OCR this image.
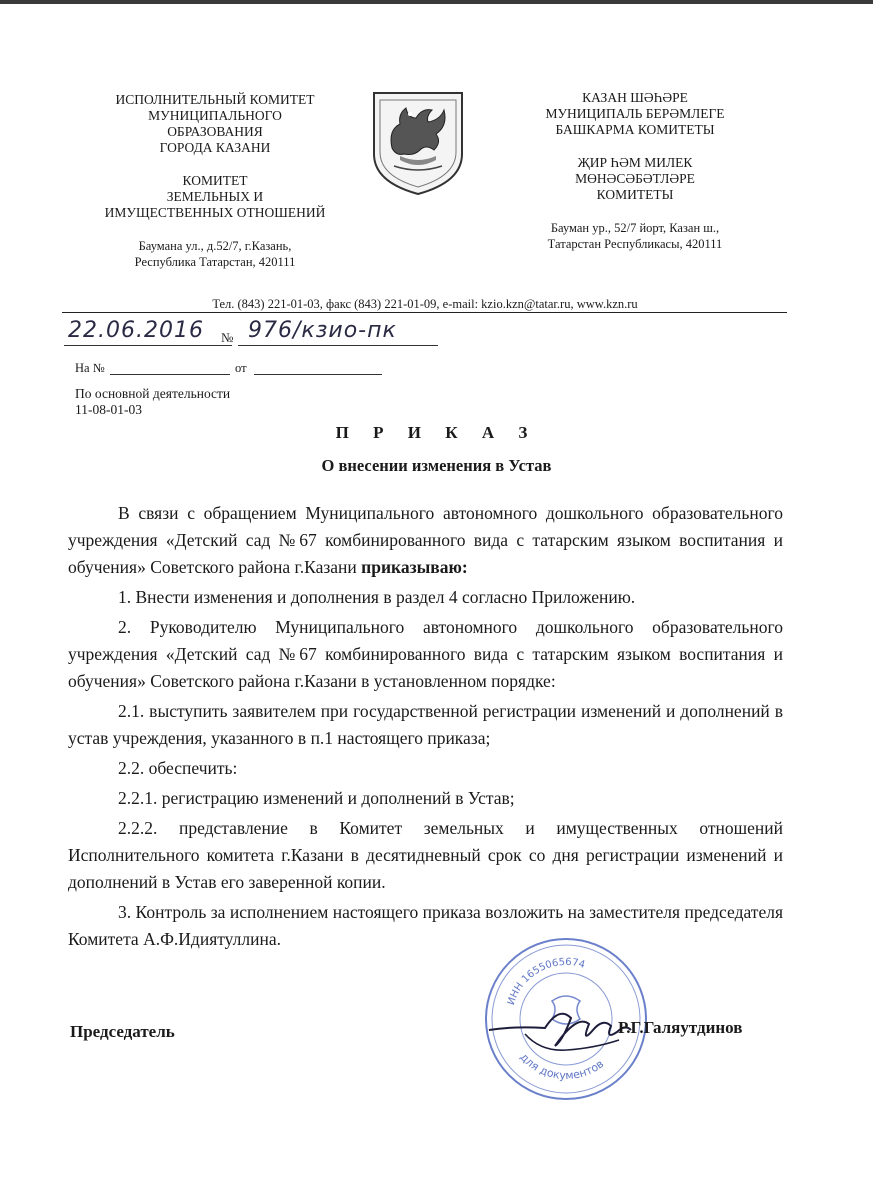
ИСПОЛНИТЕЛЬНЫЙ КОМИТЕТ
МУНИЦИПАЛЬНОГО
ОБРАЗОВАНИЯ
ГОРОДА КАЗАНИ
КОМИТЕТ
ЗЕМЕЛЬНЫХ И
ИМУЩЕСТВЕННЫХ ОТНОШЕНИЙ
Баумана ул., д.52/7, г.Казань,
Республика Татарстан, 420111
КАЗАН ШӘҺӘРЕ
МУНИЦИПАЛЬ БЕРӘМЛЕГЕ
БАШКАРМА КОМИТЕТЫ
ҖИР ҺӘМ МИЛЕК
МӨНӘСӘБӘТЛӘРЕ
КОМИТЕТЫ
Бауман ур., 52/7 йорт, Казан ш.,
Татарстан Республикасы, 420111
Тел. (843) 221-01-03, факс (843) 221-01-09, e-mail: kzio.kzn@tatar.ru, www.kzn.ru
22.06.2016 № 976/кзио-пк
На №	от
По основной деятельности
11-08-01-03
П Р И К А З
О внесении изменения в Устав

В связи с обращением Муниципального автономного дошкольного образовательного учреждения «Детский сад №67 комбинированного вида с татарским языком воспитания и обучения» Советского района г.Казани приказываю:

1. Внести изменения и дополнения в раздел 4 согласно Приложению.

2. Руководителю Муниципального автономного дошкольного образовательного учреждения «Детский сад №67 комбинированного вида с татарским языком воспитания и обучения» Советского района г.Казани в установленном порядке:

2.1. выступить заявителем при государственной регистрации изменений и дополнений в устав учреждения, указанного в п.1 настоящего приказа;

2.2. обеспечить:

2.2.1. регистрацию изменений и дополнений в Устав;

2.2.2. представление в Комитет земельных и имущественных отношений Исполнительного комитета г.Казани в десятидневный срок со дня регистрации изменений и дополнений в Устав его заверенной копии.

3. Контроль за исполнением настоящего приказа возложить на заместителя председателя Комитета А.Ф.Идиятуллина.

ИНН 1655065674
для документов
Председатель	Р.Г.Галяутдинов
